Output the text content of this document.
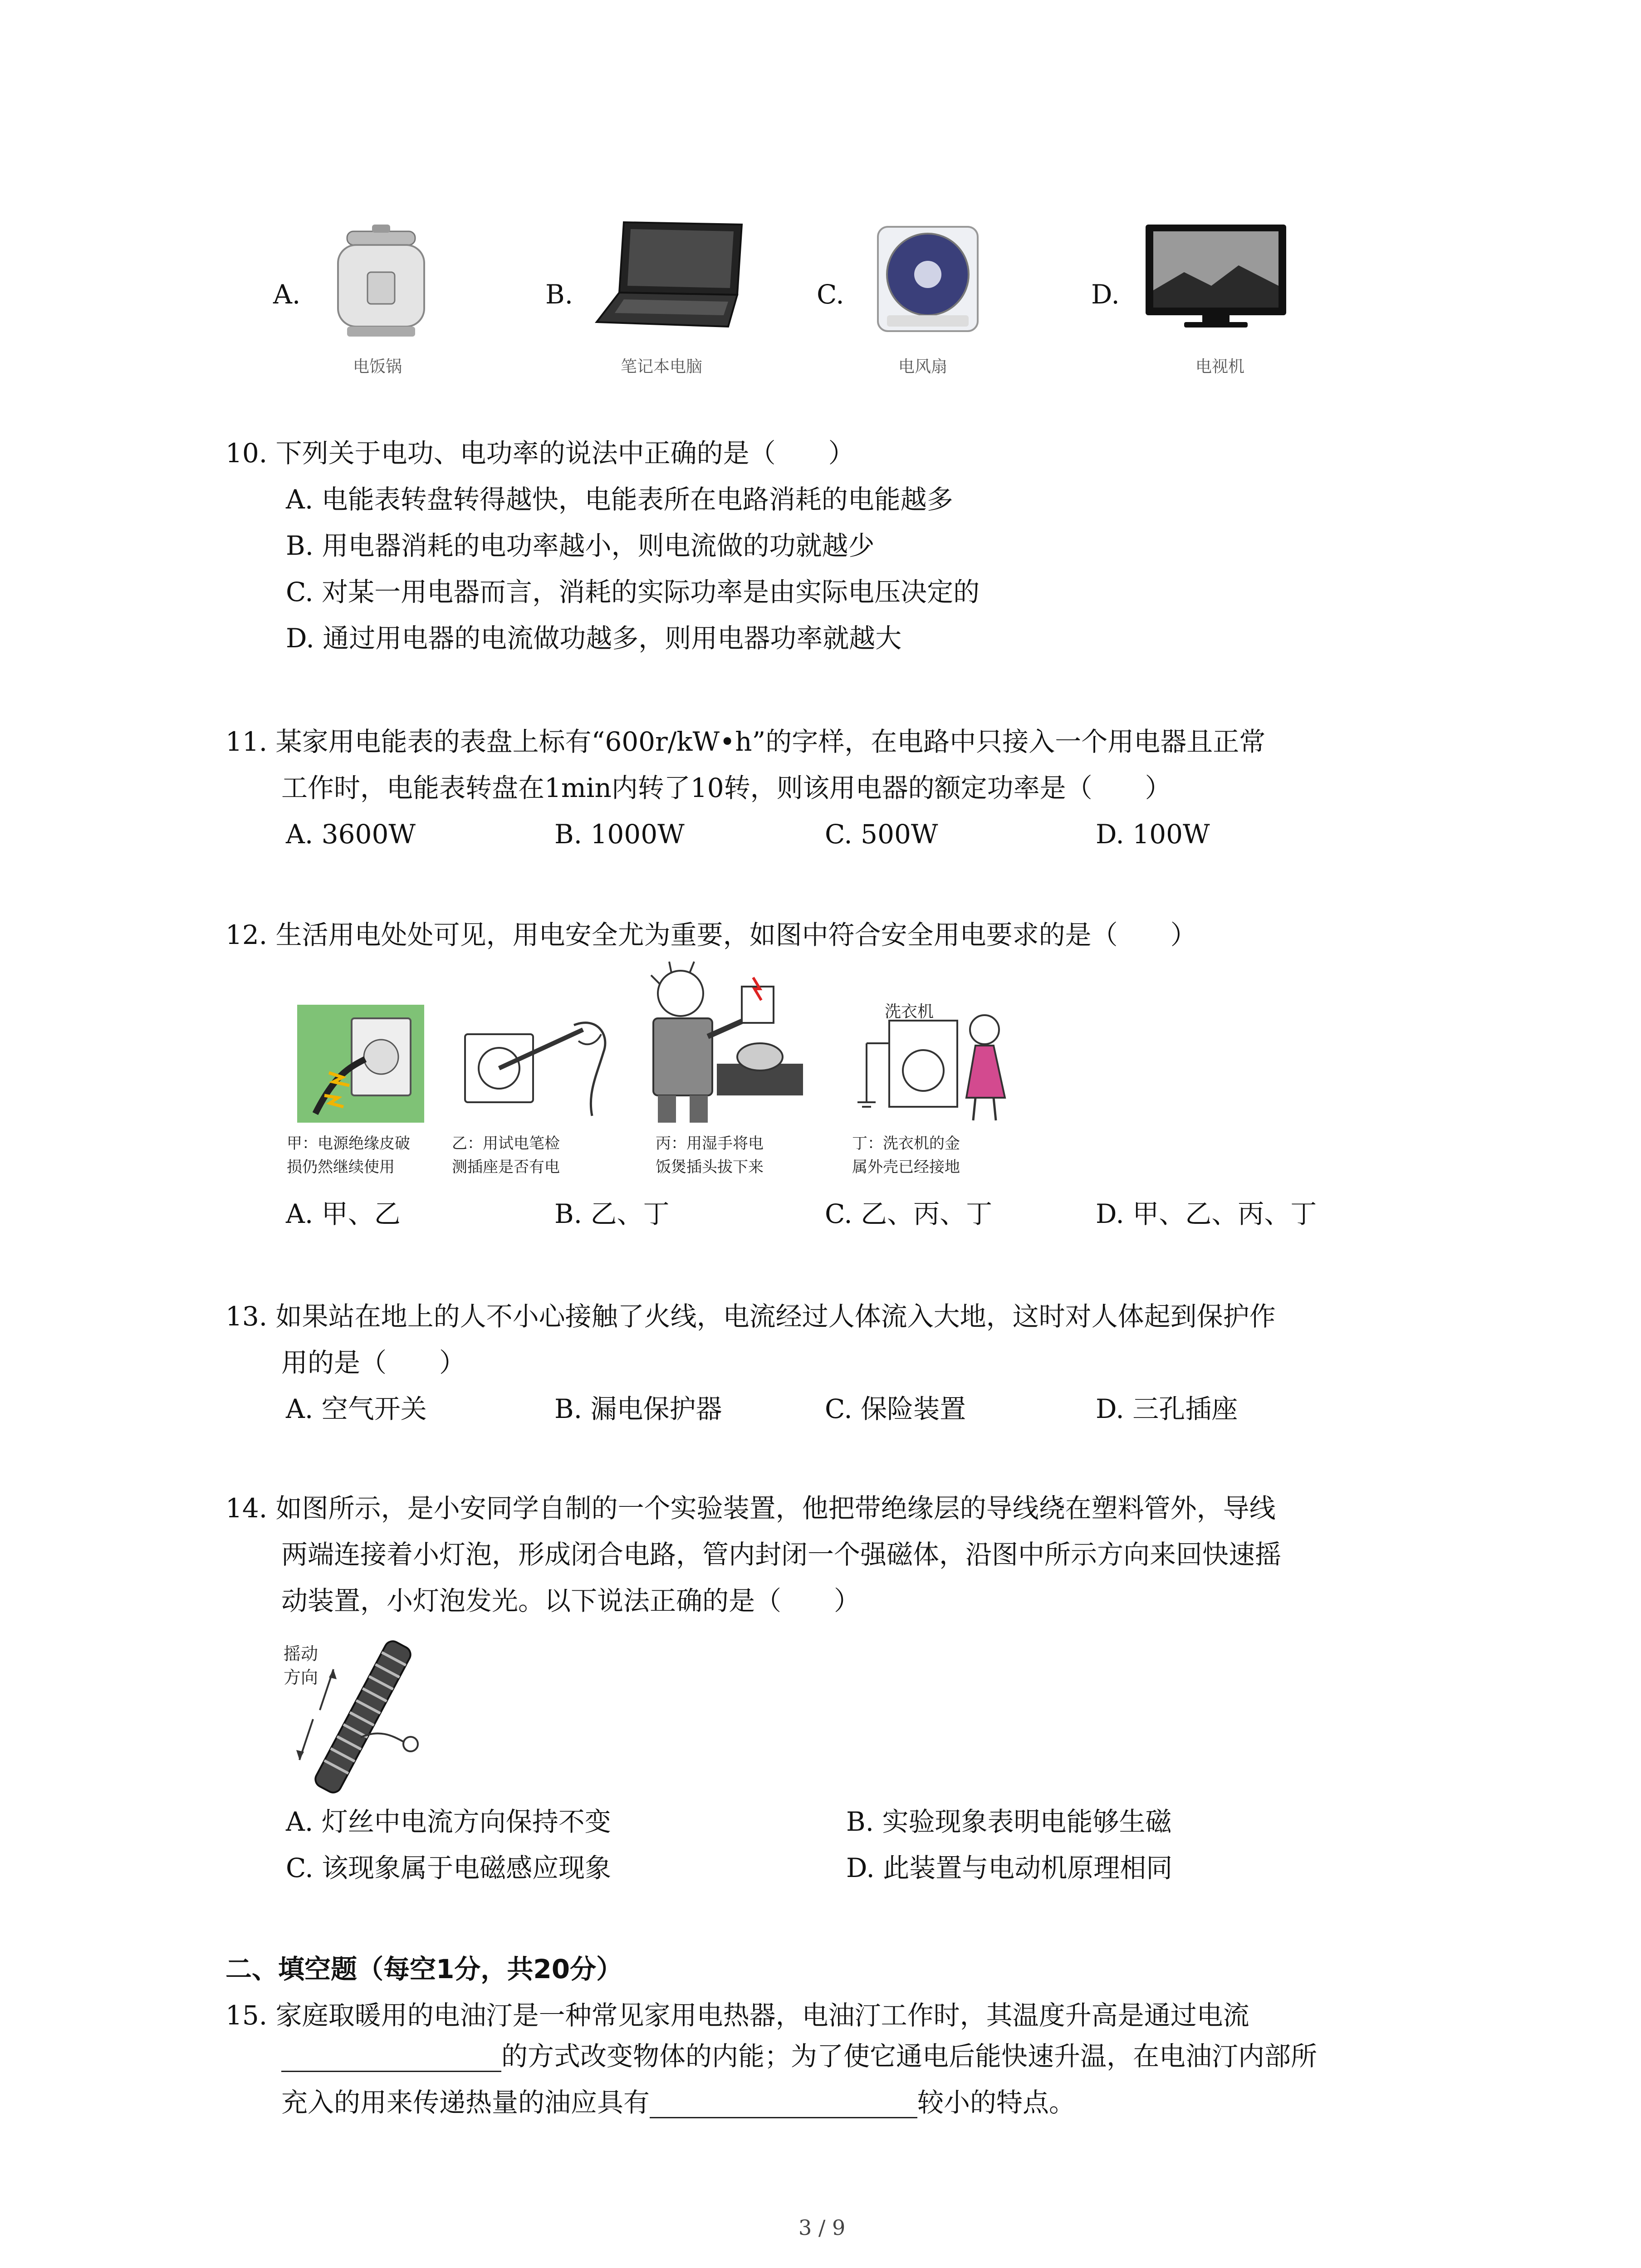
A.
电饭锅
B.
笔记本电脑
C.
电风扇
D.
电视机
10. 下列关于电功、电功率的说法中正确的是（　　）
A. 电能表转盘转得越快，电能表所在电路消耗的电能越多
B. 用电器消耗的电功率越小，则电流做的功就越少
C. 对某一用电器而言，消耗的实际功率是由实际电压决定的
D. 通过用电器的电流做功越多，则用电器功率就越大
11. 某家用电能表的表盘上标有“600r/kW•h”的字样，在电路中只接入一个用电器且正常
工作时，电能表转盘在1min内转了10转，则该用电器的额定功率是（　　）
A. 3600W	B. 1000W	C. 500W	D. 100W
12. 生活用电处处可见，用电安全尤为重要，如图中符合安全用电要求的是（　　）
甲：电源绝缘皮破
损仍然继续使用
乙：用试电笔检
测插座是否有电
丙：用湿手将电
饭煲插头拔下来
洗衣机
丁：洗衣机的金
属外壳已经接地
A. 甲、乙	B. 乙、丁	C. 乙、丙、丁	D. 甲、乙、丙、丁
13. 如果站在地上的人不小心接触了火线，电流经过人体流入大地，这时对人体起到保护作
用的是（　　）
A. 空气开关	B. 漏电保护器	C. 保险装置	D. 三孔插座
14. 如图所示，是小安同学自制的一个实验装置，他把带绝缘层的导线绕在塑料管外，导线
两端连接着小灯泡，形成闭合电路，管内封闭一个强磁体，沿图中所示方向来回快速摇
动装置，小灯泡发光。以下说法正确的是（　　）
摇动
方向
A. 灯丝中电流方向保持不变	B. 实验现象表明电能够生磁
C. 该现象属于电磁感应现象	D. 此装置与电动机原理相同
二、填空题（每空1分，共20分）
15. 家庭取暖用的电油汀是一种常见家用电热器，电油汀工作时，其温度升高是通过电流
的方式改变物体的内能；为了使它通电后能快速升温，在电油汀内部所
充入的用来传递热量的油应具有	较小的特点。
3 / 9
